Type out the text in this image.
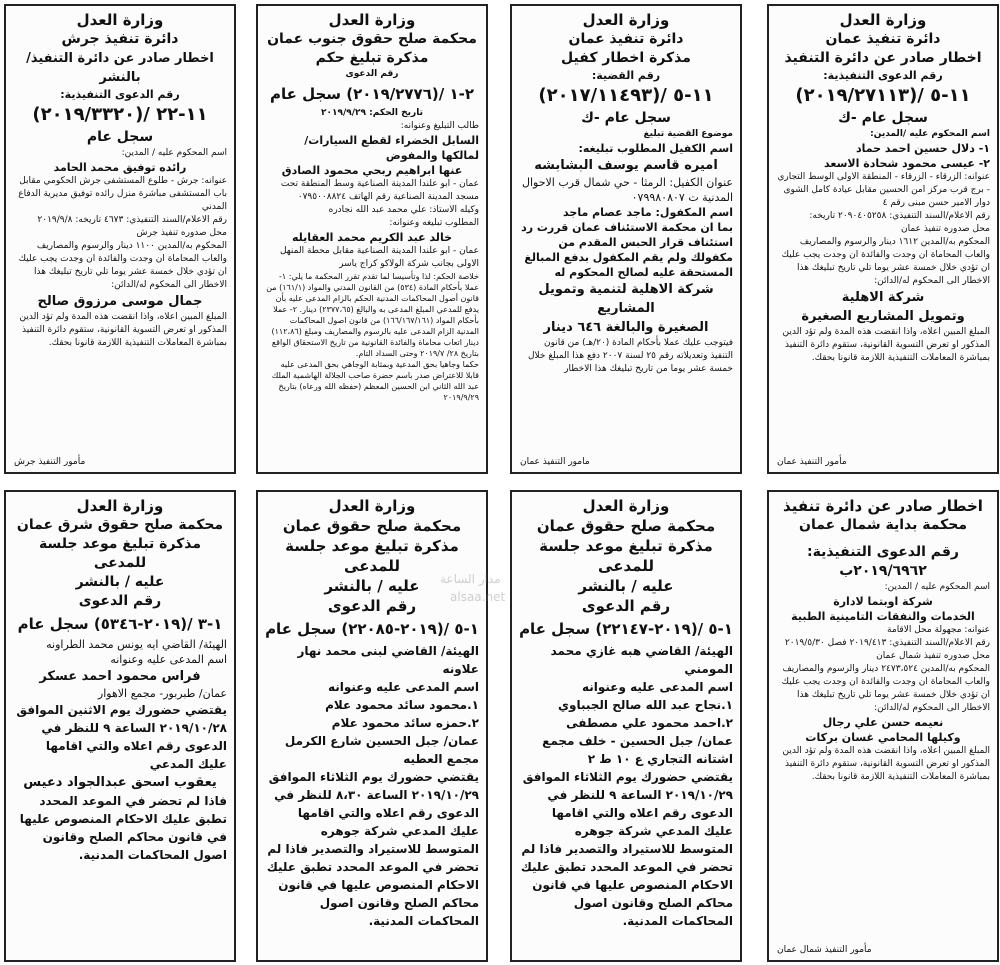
وزارة العدل
دائرة تنفيذ عمان
اخطار صادر عن دائرة التنفيذ
رقم الدعوى التنفيذية:
١١-٥ /(٢٠١٩/٢٧١١٣)
سجل عام -ك
اسم المحكوم عليه /المدين:
١- دلال حسين احمد حماد
٢- عيسى محمود شحادة الاسعد
عنوانه: الزرقاء - الزرقاء - المنطقة الاولى الوسط التجاري - برج قرب مركز امن الحسين مقابل عيادة كامل الشوى دوار الامير حسن مبنى رقم ٤
رقم الاعلام/السند التنفيذي: ٢٠٩٠٤٠٥٢٥٨ تاريخه:
محل صدوره تنفيذ عمان
المحكوم به/المدين ١٦١٢ دينار والرسوم والمصاريف والعاب المحاماة ان وجدت والفائدة ان وجدت يجب عليك ان تؤدي خلال خمسة عشر يوما تلي تاريخ تبليغك هذا الاخطار الى المحكوم له/الدائن:
شركة الاهلية
وتمويل المشاريع الصغيرة
المبلغ المبين اعلاه، واذا انقضت هذه المدة ولم تؤد الدين المذكور او تعرض التسوية القانونية، ستقوم دائرة التنفيذ بمباشرة المعاملات التنفيذية اللازمة قانونا بحقك.
مأمور التنفيذ عمان
وزارة العدل
دائرة تنفيذ عمان
مذكرة اخطار كفيل
رقم القضية:
١١-٥ /(٢٠١٧/١١٤٩٣)
سجل عام -ك
موضوع القضية تبليغ
اسم الكفيل المطلوب تبليغه:
اميره قاسم يوسف البشابشه
عنوان الكفيل: الرمثا - حي شمال قرب الاحوال المدنية ت ٠٧٩٩٨٠٨٠٧
اسم المكفول: ماجد عصام ماجد
بما ان محكمة الاستئناف عمان قررت رد استئناف قرار الحبس المقدم من مكفولك ولم يقم المكفول بدفع المبالغ المستحقة عليه لصالح المحكوم له
شركة الاهلية لتنمية وتمويل المشاريع
الصغيرة والبالغة ٦٤٦ دينار
فيتوجب عليك عملا بأحكام المادة (٢٠/هـ) من قانون التنفيذ وتعديلاته رقم ٢٥ لسنة ٢٠٠٧ دفع هذا المبلغ خلال خمسة عشر يوما من تاريخ تبليغك هذا الاخطار
مامور التنفيذ عمان
وزارة العدل
محكمة صلح حقوق جنوب عمان
مذكرة تبليغ حكم
رقم الدعوى
٢-١ /(٢٠١٩/٢٧٧٦) سجل عام
تاريخ الحكم: ٢٠١٩/٩/٢٩
طالب التبليغ وعنوانه:
السابل الخضراء لقطع السيارات/ لمالكها والمفوض
عنها ابراهيم ربحي محمود الصادق
عمان - ابو علندا المدينة الصناعية وسط المنطقة تحت مسجد المدينة الصناعية رقم الهاتف ٠٧٩٥٠٠٨٨٢٤
وكيله الاستاذ: علي محمد عبد الله نجادره
المطلوب تبليغه وعنوانه:
خالد عبد الكريم محمد العقايله
عمان - ابو علندا المدينة الصناعية مقابل محطة المنهل الاولى بجانب شركة الولاكو كراج ياسر
خلاصة الحكم: لذا وتأسيسا لما تقدم تقرر المحكمة ما يلي: ١- عملا بأحكام المادة (٥٣٤) من القانون المدني والمواد (١٦١/١) من قانون أصول المحاكمات المدنية الحكم بالزام المدعى عليه بأن يدفع للمدعي المبلغ المدعى به والبالغ (٢٣٧٧،٦٥) دينار. ٢- عملا بأحكام المواد (١٦٦/١٦٧/١٦١) من قانون اصول المحاكمات المدنية الزام المدعى عليه بالرسوم والمصاريف ومبلغ (١١٢،٨٦) دينار اتعاب محاماة والفائدة القانونية من تاريخ الاستحقاق الواقع بتاريخ ٢٨/ ٢٠١٩/٧ وحتى السداد التام.
حكما وجاهيا بحق المدعية وبمثابة الوجاهي بحق المدعى عليه قابلا للاعتراض صدر باسم حضرة صاحب الجلالة الهاشمية الملك عبد الله الثاني ابن الحسين المعظم (حفظه الله ورعاه) بتاريخ ٢٠١٩/٩/٢٩
وزارة العدل
دائرة تنفيذ جرش
اخطار صادر عن دائرة التنفيذ/بالنشر
رقم الدعوى التنفيذية:
١١-٢٢ /(٢٠١٩/٣٣٢٠)
سجل عام
اسم المحكوم عليه / المدين:
رائده توفيق محمد الحامد
عنوانه: جرش - طلوع المستشفى جرش الحكومي مقابل باب المستشفى مباشرة منزل رائده توفيق مديرية الدفاع المدني
رقم الاعلام/السند التنفيذي: ٤٦٧٣ تاريخه: ٢٠١٩/٩/٨
محل صدوره تنفيذ جرش
المحكوم به/المدين ١١٠٠ دينار والرسوم والمصاريف والعاب المحاماة ان وجدت والفائدة ان وجدت يجب عليك ان تؤدي خلال خمسة عشر يوما تلي تاريخ تبليغك هذا الاخطار الى المحكوم له/الدائن:
جمال موسى مرزوق صالح
المبلغ المبين اعلاه، واذا انقضت هذه المدة ولم تؤد الدين المذكور او تعرض التسوية القانونية، ستقوم دائرة التنفيذ بمباشرة المعاملات التنفيذية اللازمة قانونا بحقك.
مأمور التنفيذ جرش
اخطار صادر عن دائرة تنفيذ
محكمة بداية شمال عمان
رقم الدعوى التنفيذية: ٢٠١٩/٦٩٦٢ب
اسم المحكوم عليه / المدين:
شركة اوبتما لادارة
الخدمات والنفقات التامينية الطبية
عنوانه: مجهولة محل الاقامة
رقم الاعلام/السند التنفيذي: ٢٠١٩/٤١٣ فصل ٢٠١٩/٥/٣٠
محل صدوره تنفيذ شمال عمان
المحكوم به/المدين ٢٤٧٣،٥٢٤ دينار والرسوم والمصاريف والعاب المحاماة ان وجدت والفائدة ان وجدت يجب عليك ان تؤدي خلال خمسة عشر يوما تلي تاريخ تبليغك هذا الاخطار الى المحكوم له/الدائن:
نعيمه حسن علي رجال
وكيلها المحامي غسان بركات
المبلغ المبين اعلاه، واذا انقضت هذه المدة ولم تؤد الدين المذكور او تعرض التسوية القانونية، ستقوم دائرة التنفيذ بمباشرة المعاملات التنفيذية اللازمة قانونا بحقك.
مأمور التنفيذ شمال عمان
وزارة العدل
محكمة صلح حقوق عمان
مذكرة تبليغ موعد جلسة للمدعى
عليه / بالنشر
رقم الدعوى
١-٥ /(٢٠١٩-٢٢١٤٧) سجل عام
الهيئة/ القاضي هبه غازي محمد المومني
اسم المدعى عليه وعنوانه
١.نجاح عبد الله صالح الجبباوي
٢.احمد محمود علي مصطفى
عمان/ جبل الحسين - خلف مجمع اشتانه التجاري ع ١٠ ط ٢
يقتضي حضورك يوم الثلاثاء الموافق ٢٠١٩/١٠/٢٩ الساعة ٩ للنظر في الدعوى رقم اعلاه والتي اقامها عليك المدعي شركة جوهره المتوسط للاستيراد والتصدير فاذا لم تحضر في الموعد المحدد تطبق عليك الاحكام المنصوص عليها في قانون محاكم الصلح وقانون اصول المحاكمات المدنية.
وزارة العدل
محكمة صلح حقوق عمان
مذكرة تبليغ موعد جلسة للمدعى
عليه / بالنشر
رقم الدعوى
١-٥ /(٢٠١٩-٢٢٠٨٥) سجل عام
الهيئة/ القاضي لبنى محمد نهار علاونه
اسم المدعى عليه وعنوانه
١.محمود سائد محمود علام
٢.حمزه سائد محمود علام
عمان/ جبل الحسين شارع الكرمل مجمع العطيه
يقتضي حضورك يوم الثلاثاء الموافق ٢٠١٩/١٠/٢٩ الساعة ٨،٣٠ للنظر في الدعوى رقم اعلاه والتي اقامها عليك المدعي شركة جوهره المتوسط للاستيراد والتصدير فاذا لم تحضر في الموعد المحدد تطبق عليك الاحكام المنصوص عليها في قانون محاكم الصلح وقانون اصول المحاكمات المدنية.
وزارة العدل
محكمة صلح حقوق شرق عمان
مذكرة تبليغ موعد جلسة للمدعى
عليه / بالنشر
رقم الدعوى
١-٣ /(٢٠١٩-٥٣٤٦) سجل عام
الهيئة/ القاضي ايه يونس محمد الطراونه
اسم المدعى عليه وعنوانه
فراس محمود احمد عسكر
عمان/ طبربور- مجمع الاهوار
يقتضي حضورك يوم الاثنين الموافق ٢٠١٩/١٠/٢٨ الساعة ٩ للنظر في الدعوى رقم اعلاه والتي اقامها عليك المدعي
يعقوب اسحق عبدالجواد دعيس
فاذا لم تحضر في الموعد المحدد تطبق عليك الاحكام المنصوص عليها في قانون محاكم الصلح وقانون اصول المحاكمات المدنية.
مدار الساعة
alsaa.net
